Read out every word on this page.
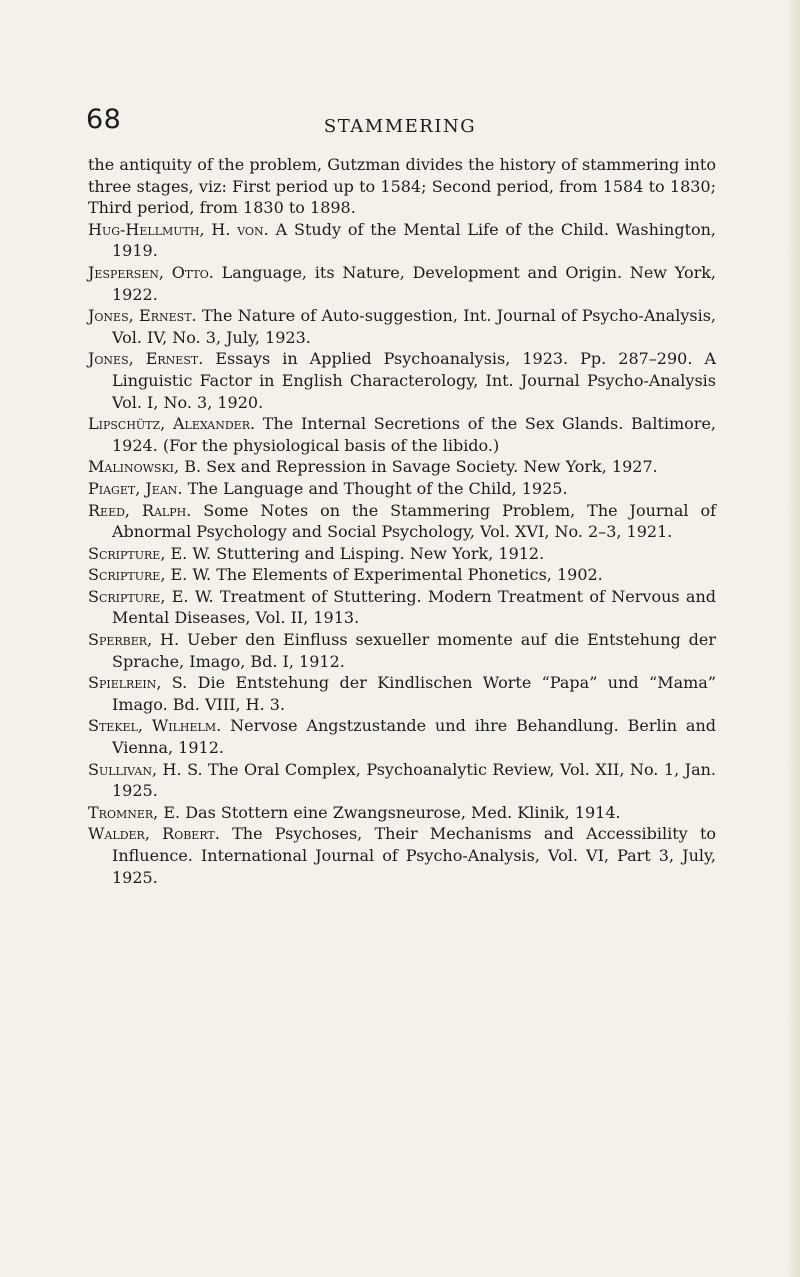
68	STAMMERING

the antiquity of the problem, Gutzman divides the history of stammering into three stages, viz: First period up to 1584; Second period, from 1584 to 1830; Third period, from 1830 to 1898.

Hug-Hellmuth, H. von. A Study of the Mental Life of the Child. Washington, 1919.
Jespersen, Otto. Language, its Nature, Development and Origin. New York, 1922.
Jones, Ernest. The Nature of Auto-suggestion, Int. Journal of Psycho-Analysis, Vol. IV, No. 3, July, 1923.
Jones, Ernest. Essays in Applied Psychoanalysis, 1923. Pp. 287–290. A Linguistic Factor in English Characterology, Int. Journal Psycho-Analysis Vol. I, No. 3, 1920.
Lipschütz, Alexander. The Internal Secretions of the Sex Glands. Baltimore, 1924. (For the physiological basis of the libido.)
Malinowski, B. Sex and Repression in Savage Society. New York, 1927.
Piaget, Jean. The Language and Thought of the Child, 1925.
Reed, Ralph. Some Notes on the Stammering Problem, The Journal of Abnormal Psychology and Social Psychology, Vol. XVI, No. 2–3, 1921.
Scripture, E. W. Stuttering and Lisping. New York, 1912.
Scripture, E. W. The Elements of Experimental Phonetics, 1902.
Scripture, E. W. Treatment of Stuttering. Modern Treatment of Nervous and Mental Diseases, Vol. II, 1913.
Sperber, H. Ueber den Einfluss sexueller momente auf die Entstehung der Sprache, Imago, Bd. I, 1912.
Spielrein, S. Die Entstehung der Kindlischen Worte “Papa” und “Mama” Imago. Bd. VIII, H. 3.
Stekel, Wilhelm. Nervose Angstzustande und ihre Behandlung. Berlin and Vienna, 1912.
Sullivan, H. S. The Oral Complex, Psychoanalytic Review, Vol. XII, No. 1, Jan. 1925.
Tromner, E. Das Stottern eine Zwangsneurose, Med. Klinik, 1914.
Walder, Robert. The Psychoses, Their Mechanisms and Accessibility to Influence. International Journal of Psycho-Analysis, Vol. VI, Part 3, July, 1925.
